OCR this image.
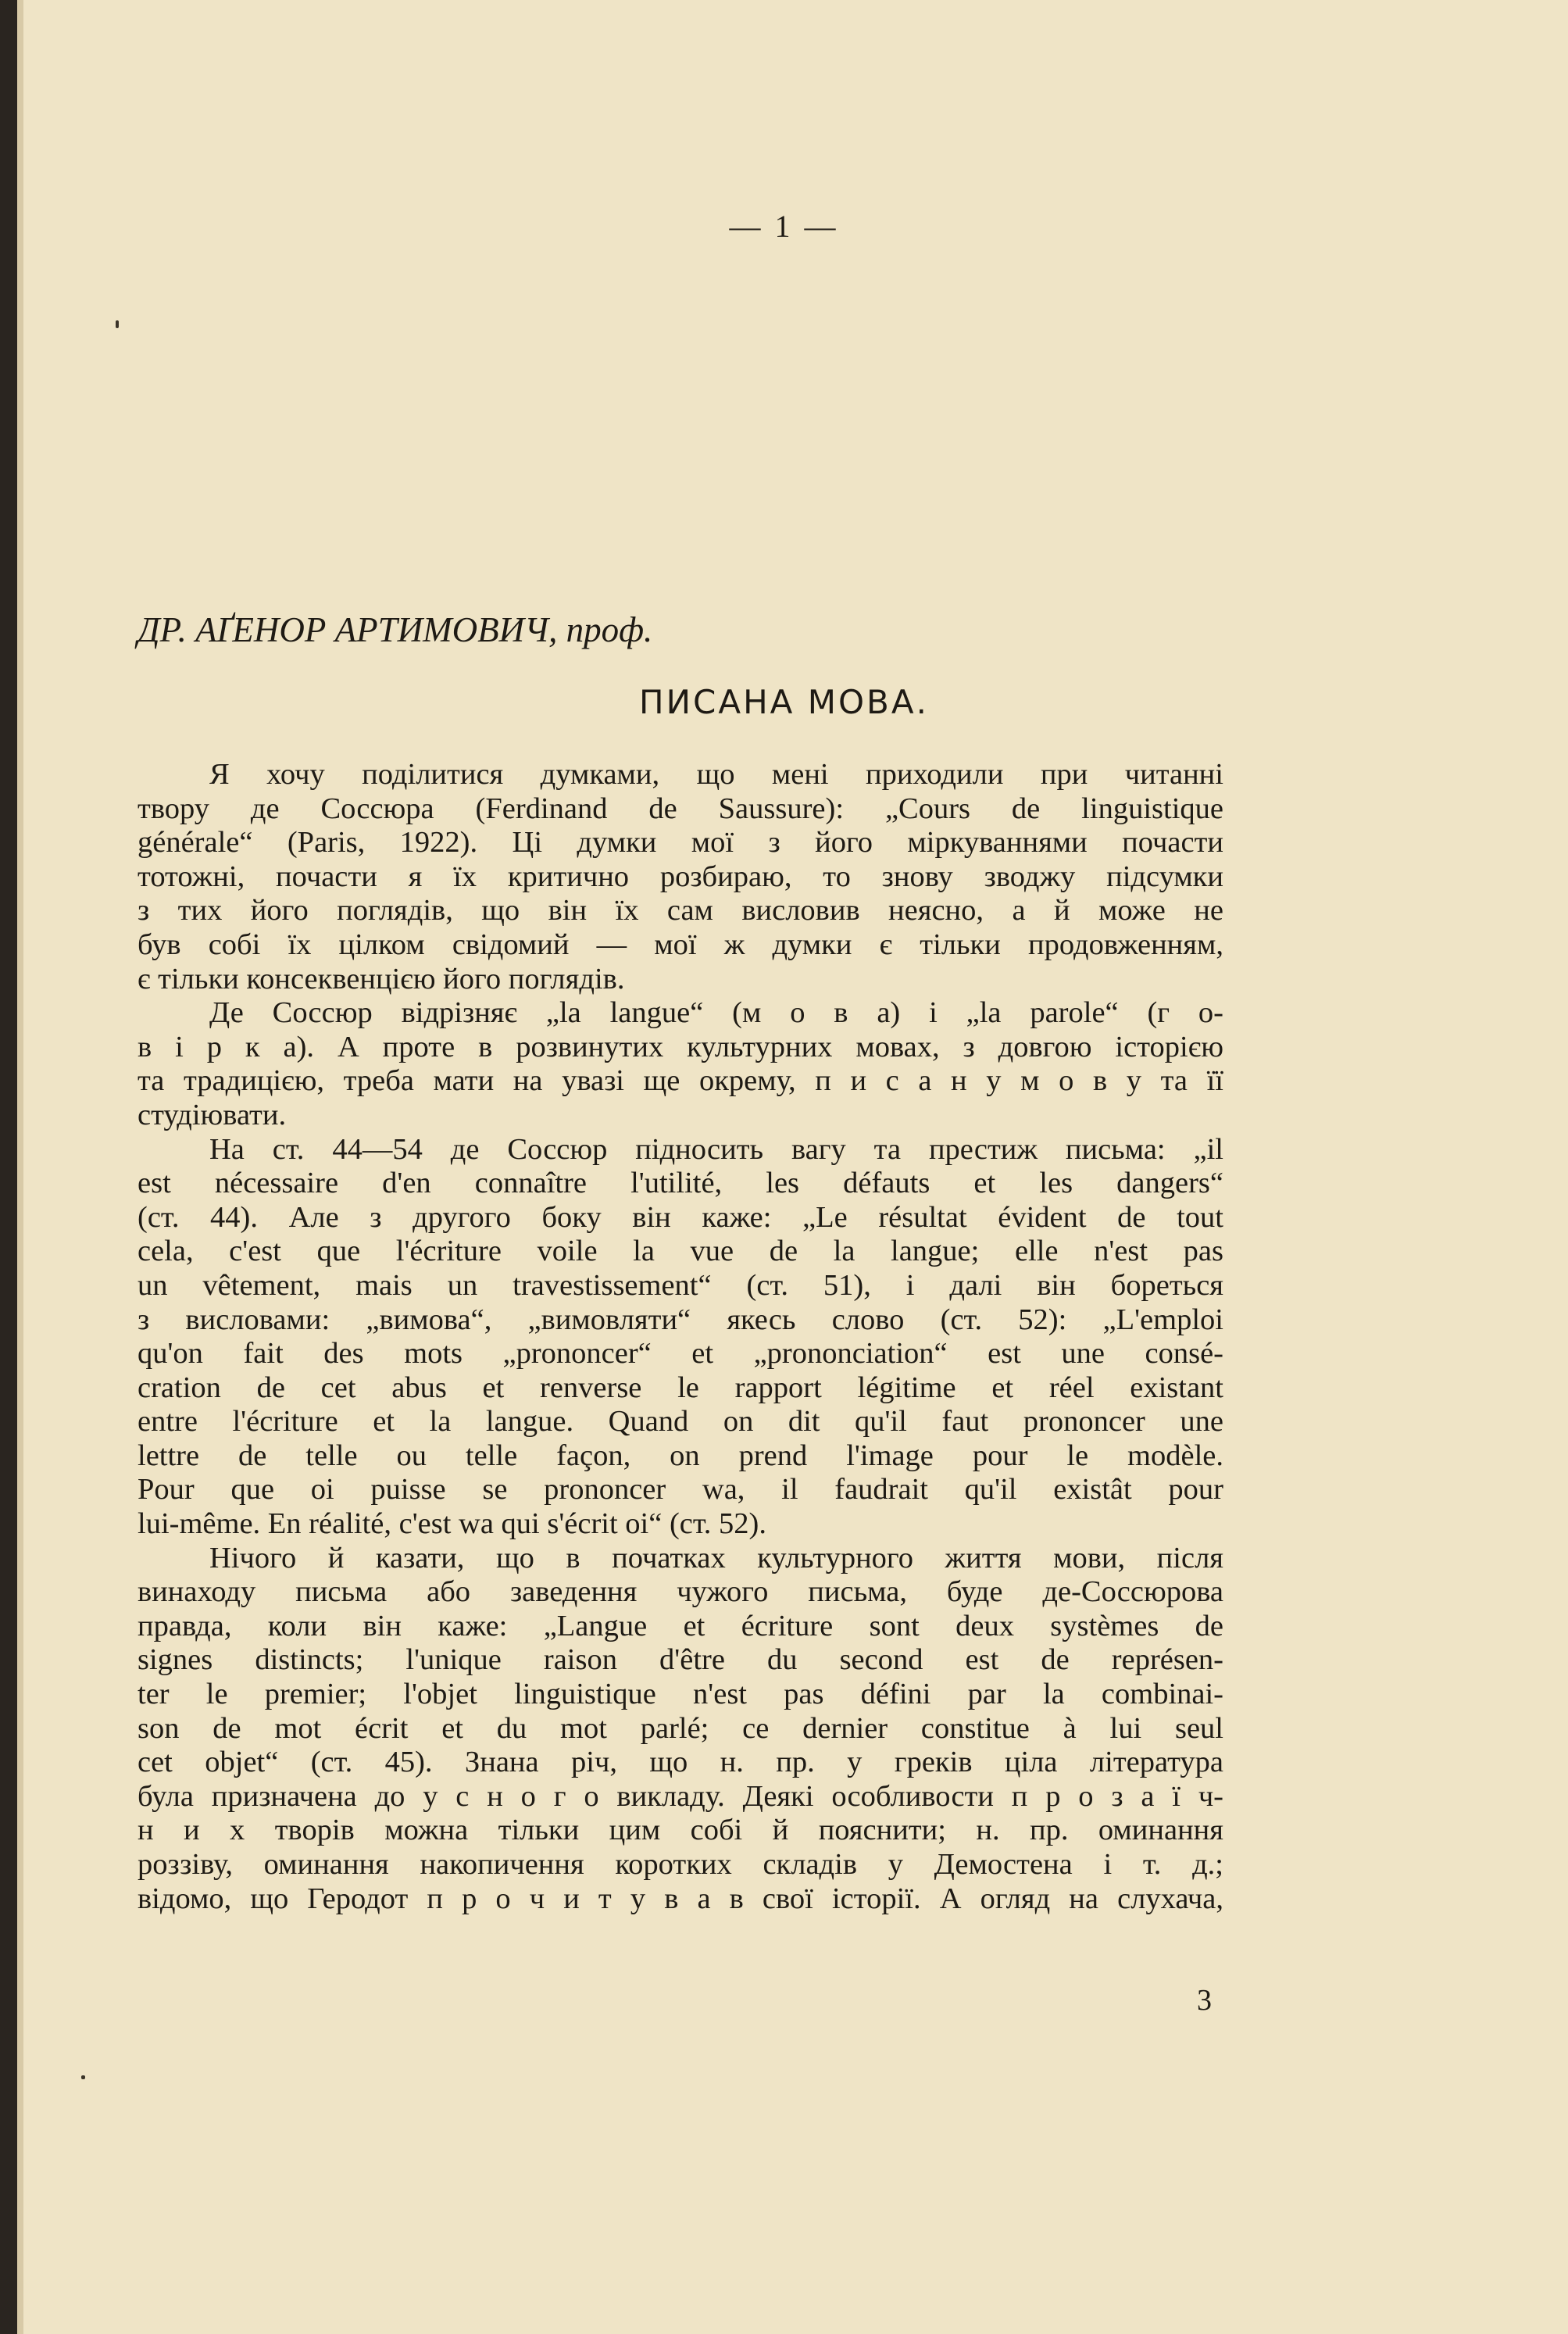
— 1 —
ДР. АҐЕНОР АРТИМОВИЧ, проф.
ПИСАНА МОВА.
Я хочу поділитися думками, що мені приходили при читанні
твору де Соссюра (Ferdinand de Saussure): „Cours de linguistique
générale“ (Paris, 1922). Ці думки мої з його міркуваннями почасти
тотожні, почасти я їх критично розбираю, то знову зводжу підсумки
з тих його поглядів, що він їх сам висловив неясно, а й може не
був собі їх цілком свідомий — мої ж думки є тільки продовженням,
є тільки консеквенцією його поглядів.
Де Соссюр відрізняє „la langue“ (м о в а) і „la parole“ (г о-
в і р к а). А проте в розвинутих культурних мовах, з довгою історією
та традицією, треба мати на увазі ще окрему, п и с а н у м о в у та її
студіювати.
На ст. 44—54 де Соссюр підносить вагу та престиж письма: „il
est nécessaire d'en connaître l'utilité, les défauts et les dangers“
(ст. 44). Але з другого боку він каже: „Le résultat évident de tout
cela, c'est que l'écriture voile la vue de la langue; elle n'est pas
un vêtement, mais un travestissement“ (ст. 51), і далі він бореться
з висловами: „вимова“, „вимовляти“ якесь слово (ст. 52): „L'emploi
qu'on fait des mots „prononcer“ et „prononciation“ est une consé-
cration de cet abus et renverse le rapport légitime et réel existant
entre l'écriture et la langue. Quand on dit qu'il faut prononcer une
lettre de telle ou telle façon, on prend l'image pour le modèle.
Pour que oi puisse se prononcer wa, il faudrait qu'il existât pour
lui-même. En réalité, c'est wa qui s'écrit oi“ (ст. 52).
Нічого й казати, що в початках культурного життя мови, після
винаходу письма або заведення чужого письма, буде де-Соссюрова
правда, коли він каже: „Langue et écriture sont deux systèmes de
signes distincts; l'unique raison d'être du second est de représen-
ter le premier; l'objet linguistique n'est pas défini par la combinai-
son de mot écrit et du mot parlé; ce dernier constitue à lui seul
cet objet“ (ст. 45). Знана річ, що н. пр. у греків ціла література
була призначена до у с н о г о викладу. Деякі особливости п р о з а ї ч-
н и х творів можна тільки цим собі й пояснити; н. пр. оминання
роззіву, оминання накопичення коротких складів у Демостена і т. д.;
відомо, що Геродот п р о ч и т у в а в свої історії. А огляд на слухача,
3
